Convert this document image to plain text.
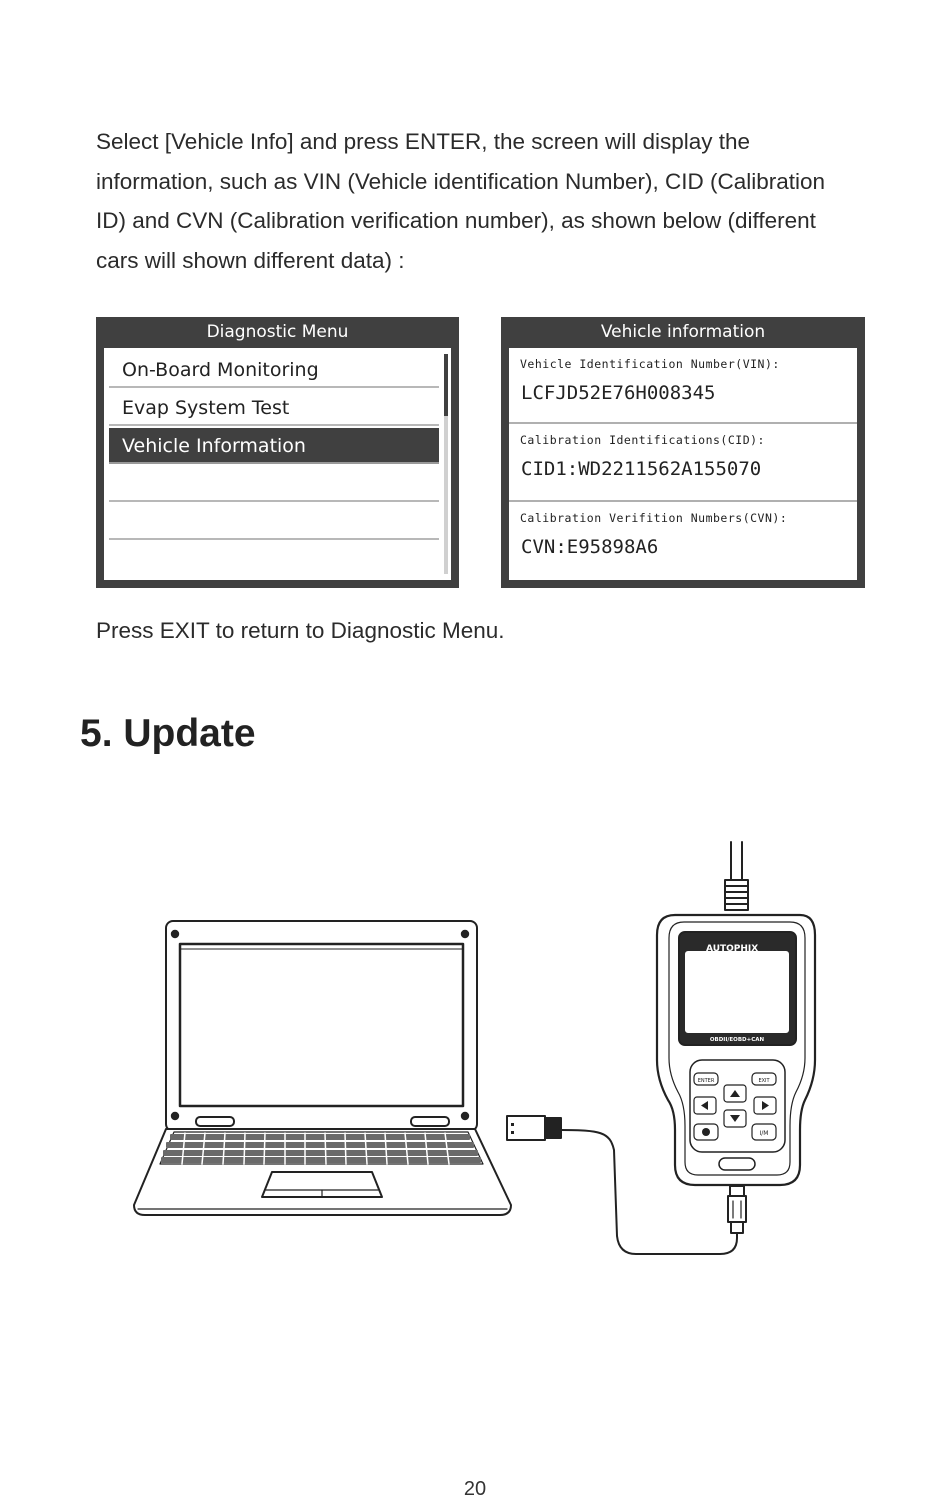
Select [Vehicle Info] and press ENTER, the screen will display the information, such as VIN (Vehicle identification Number), CID (Calibration ID) and CVN (Calibration verification number), as shown below (different cars will shown different data) :

Diagnostic Menu
On-Board Monitoring
Evap System Test
Vehicle Information
Vehicle information
Vehicle Identification Number(VIN):
LCFJD52E76H008345
Calibration Identifications(CID):
CID1:WD2211562A155070
Calibration Verifition Numbers(CVN):
CVN:E95898A6

Press EXIT to return to Diagnostic Menu.

5. Update
AUTOPHIX
OBDII/EOBD+CAN
ENTER	EXIT
I/M
20
